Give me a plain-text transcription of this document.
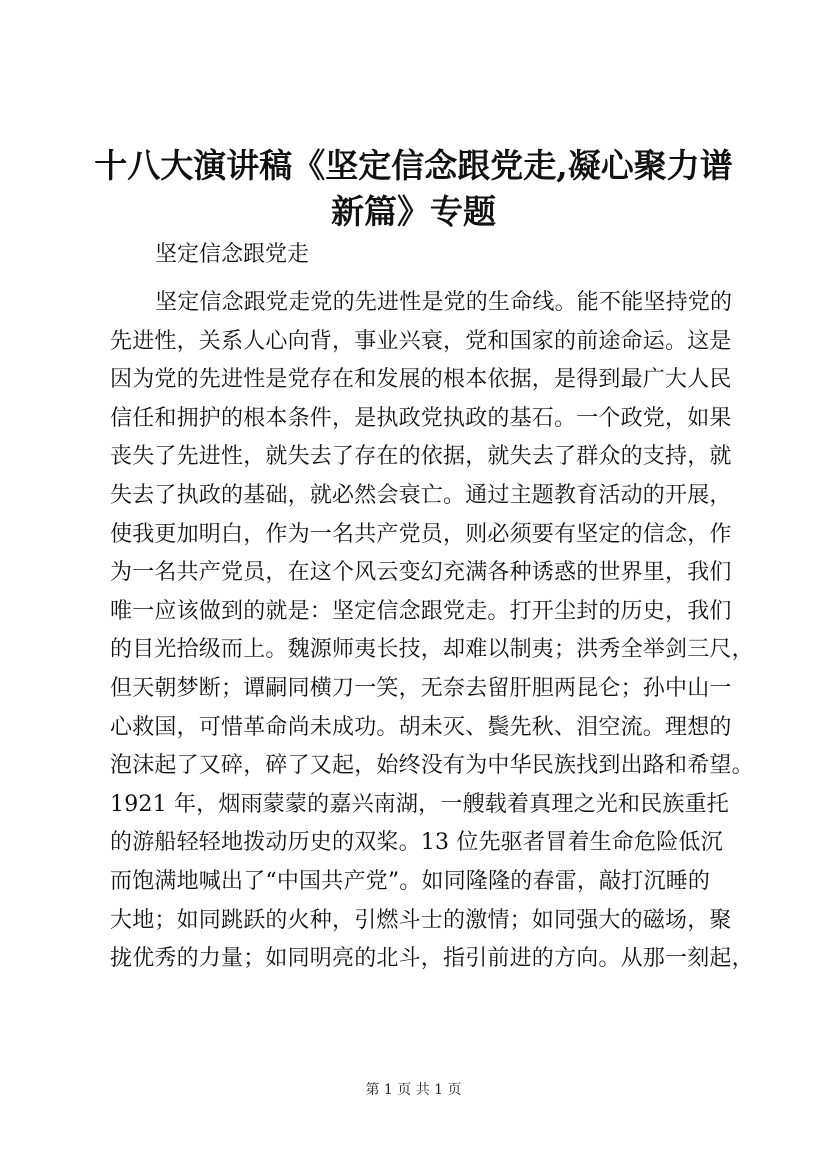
十八大演讲稿《坚定信念跟党走,凝心聚力谱
新篇》专题

坚定信念跟党走

坚定信念跟党走党的先进性是党的生命线。能不能坚持党的
先进性，关系人心向背，事业兴衰，党和国家的前途命运。这是
因为党的先进性是党存在和发展的根本依据，是得到最广大人民
信任和拥护的根本条件，是执政党执政的基石。一个政党，如果
丧失了先进性，就失去了存在的依据，就失去了群众的支持，就
失去了执政的基础，就必然会衰亡。通过主题教育活动的开展，
使我更加明白，作为一名共产党员，则必须要有坚定的信念，作
为一名共产党员，在这个风云变幻充满各种诱惑的世界里，我们
唯一应该做到的就是：坚定信念跟党走。打开尘封的历史，我们
的目光拾级而上。魏源师夷长技，却难以制夷；洪秀全举剑三尺，
但天朝梦断；谭嗣同横刀一笑，无奈去留肝胆两昆仑；孙中山一
心救国，可惜革命尚未成功。胡未灭、鬓先秋、泪空流。理想的
泡沫起了又碎，碎了又起，始终没有为中华民族找到出路和希望。
1921 年，烟雨蒙蒙的嘉兴南湖，一艘载着真理之光和民族重托
的游船轻轻地拨动历史的双桨。13 位先驱者冒着生命危险低沉
而饱满地喊出了“中国共产党”。如同隆隆的春雷，敲打沉睡的
大地；如同跳跃的火种，引燃斗士的激情；如同强大的磁场，聚
拢优秀的力量；如同明亮的北斗，指引前进的方向。从那一刻起，
第 1 页 共 1 页
